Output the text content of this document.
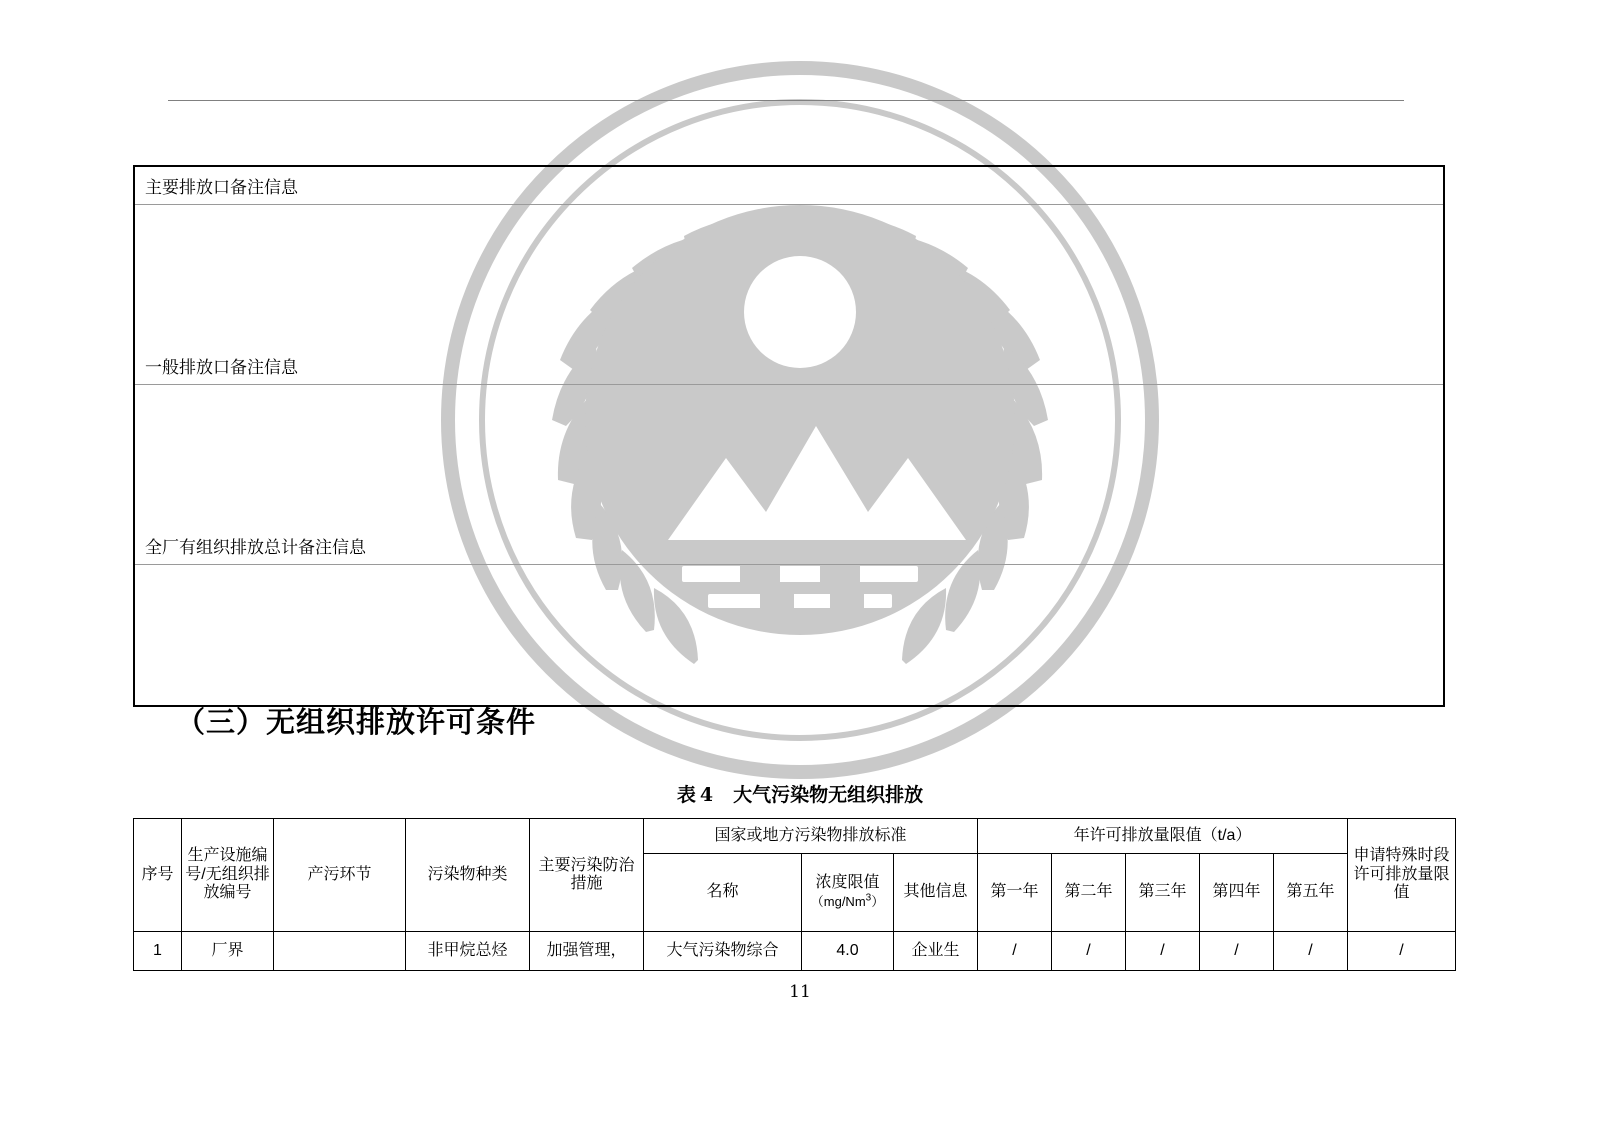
主要排放口备注信息

一般排放口备注信息

全厂有组织排放总计备注信息

（三）无组织排放许可条件
表 4 大气污染物无组织排放
序号	生产设施编号/无组织排放编号	产污环节	污染物种类	主要污染防治措施	国家或地方污染物排放标准			年许可排放量限值（t/a）					申请特殊时段许可排放量限值
					名称	浓度限值
（mg/Nm$^3$）	其他信息	第一年	第二年	第三年	第四年	第五年	

1	厂界		非甲烷总烃	加强管理，	大气污染物综合	4.0	企业生	/	/	/	/	/	/
11
